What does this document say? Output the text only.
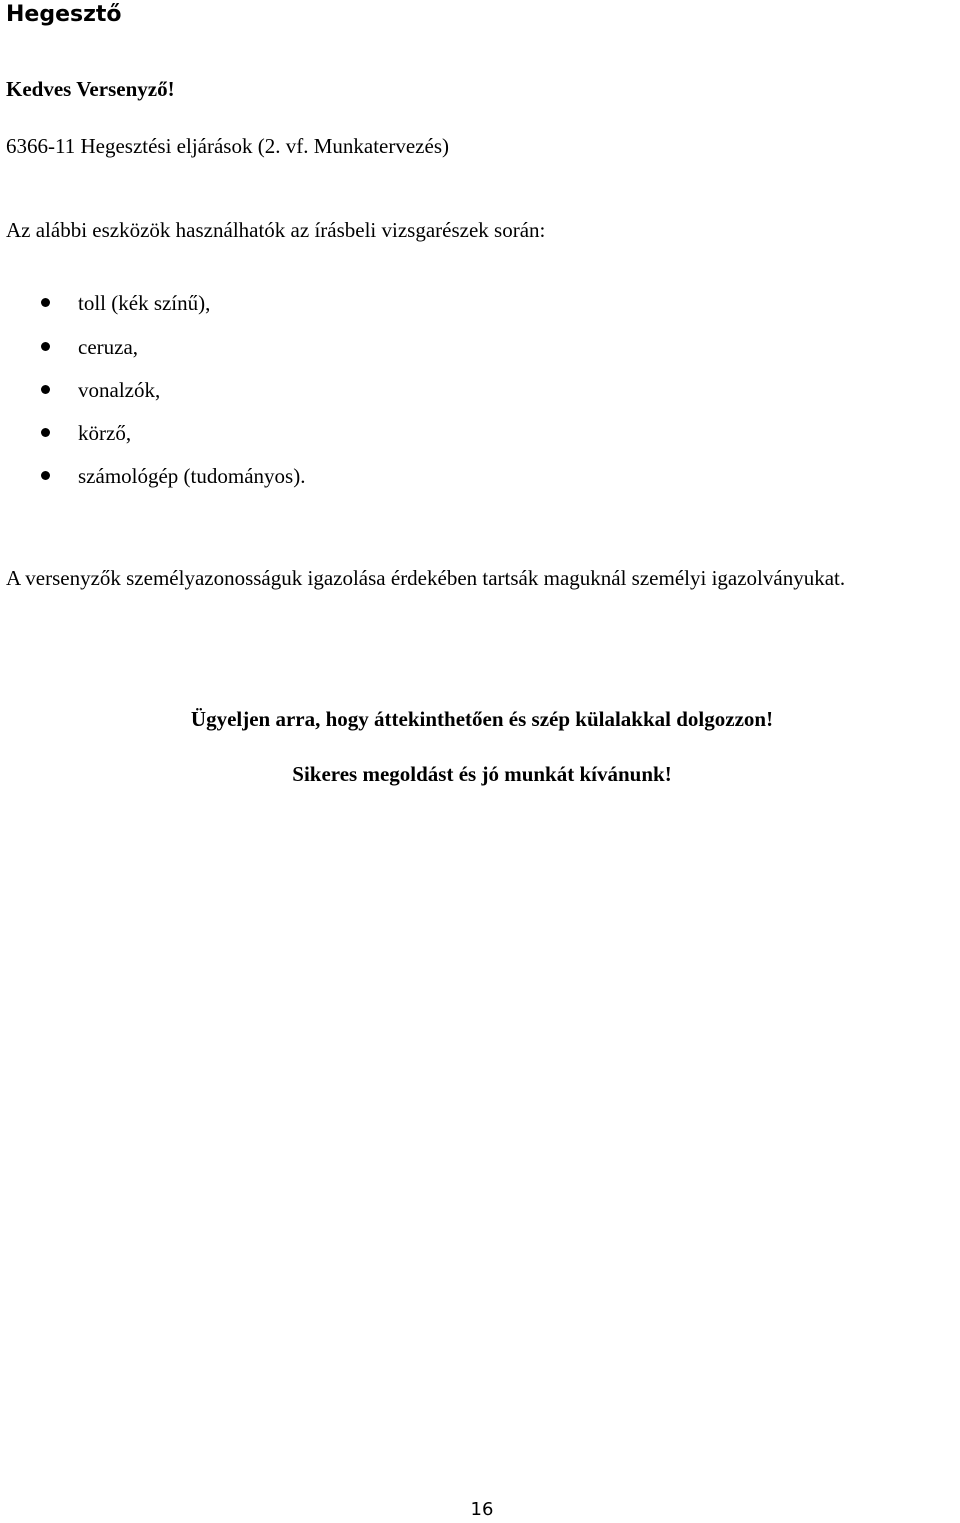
Hegesztő
Kedves Versenyző!
6366-11 Hegesztési eljárások (2. vf. Munkatervezés)
Az alábbi eszközök használhatók az írásbeli vizsgarészek során:
toll (kék színű),
ceruza,
vonalzók,
körző,
számológép (tudományos).
A versenyzők személyazonosságuk igazolása érdekében tartsák maguknál személyi igazolványukat.
Ügyeljen arra, hogy áttekinthetően és szép külalakkal dolgozzon!
Sikeres megoldást és jó munkát kívánunk!
16
